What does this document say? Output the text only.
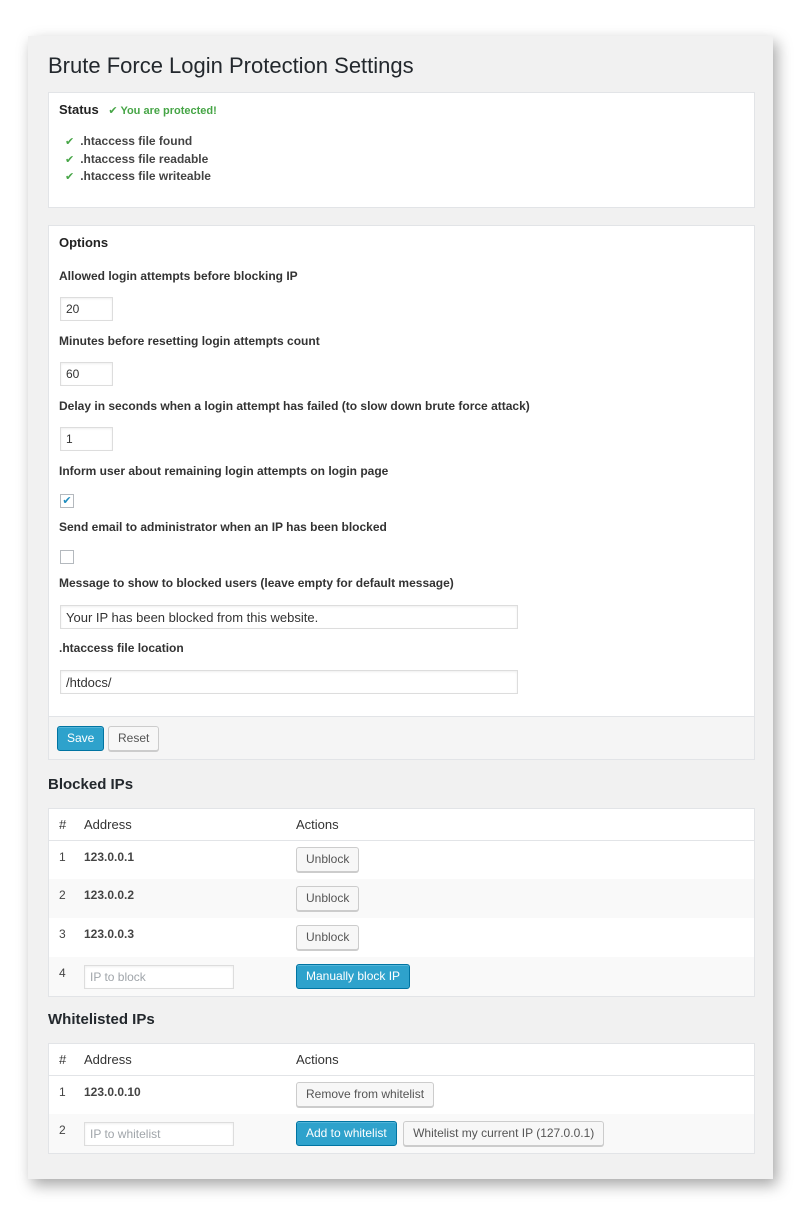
Brute Force Login Protection Settings
Status ✔ You are protected!
✔ .htaccess file found
✔ .htaccess file readable
✔ .htaccess file writeable
Options
Allowed login attempts before blocking IP
20
Minutes before resetting login attempts count
60
Delay in seconds when a login attempt has failed (to slow down brute force attack)
1
Inform user about remaining login attempts on login page
✔
Send email to administrator when an IP has been blocked
Message to show to blocked users (leave empty for default message)
Your IP has been blocked from this website.
.htaccess file location
/htdocs/
Save	Reset
Blocked IPs
#	Address	Actions
1	123.0.0.1	Unblock
2	123.0.0.2	Unblock
3	123.0.0.3	Unblock
4	IP to block	Manually block IP
Whitelisted IPs
#	Address	Actions
1	123.0.0.10	Remove from whitelist
2	IP to whitelist	Add to whitelist Whitelist my current IP (127.0.0.1)
